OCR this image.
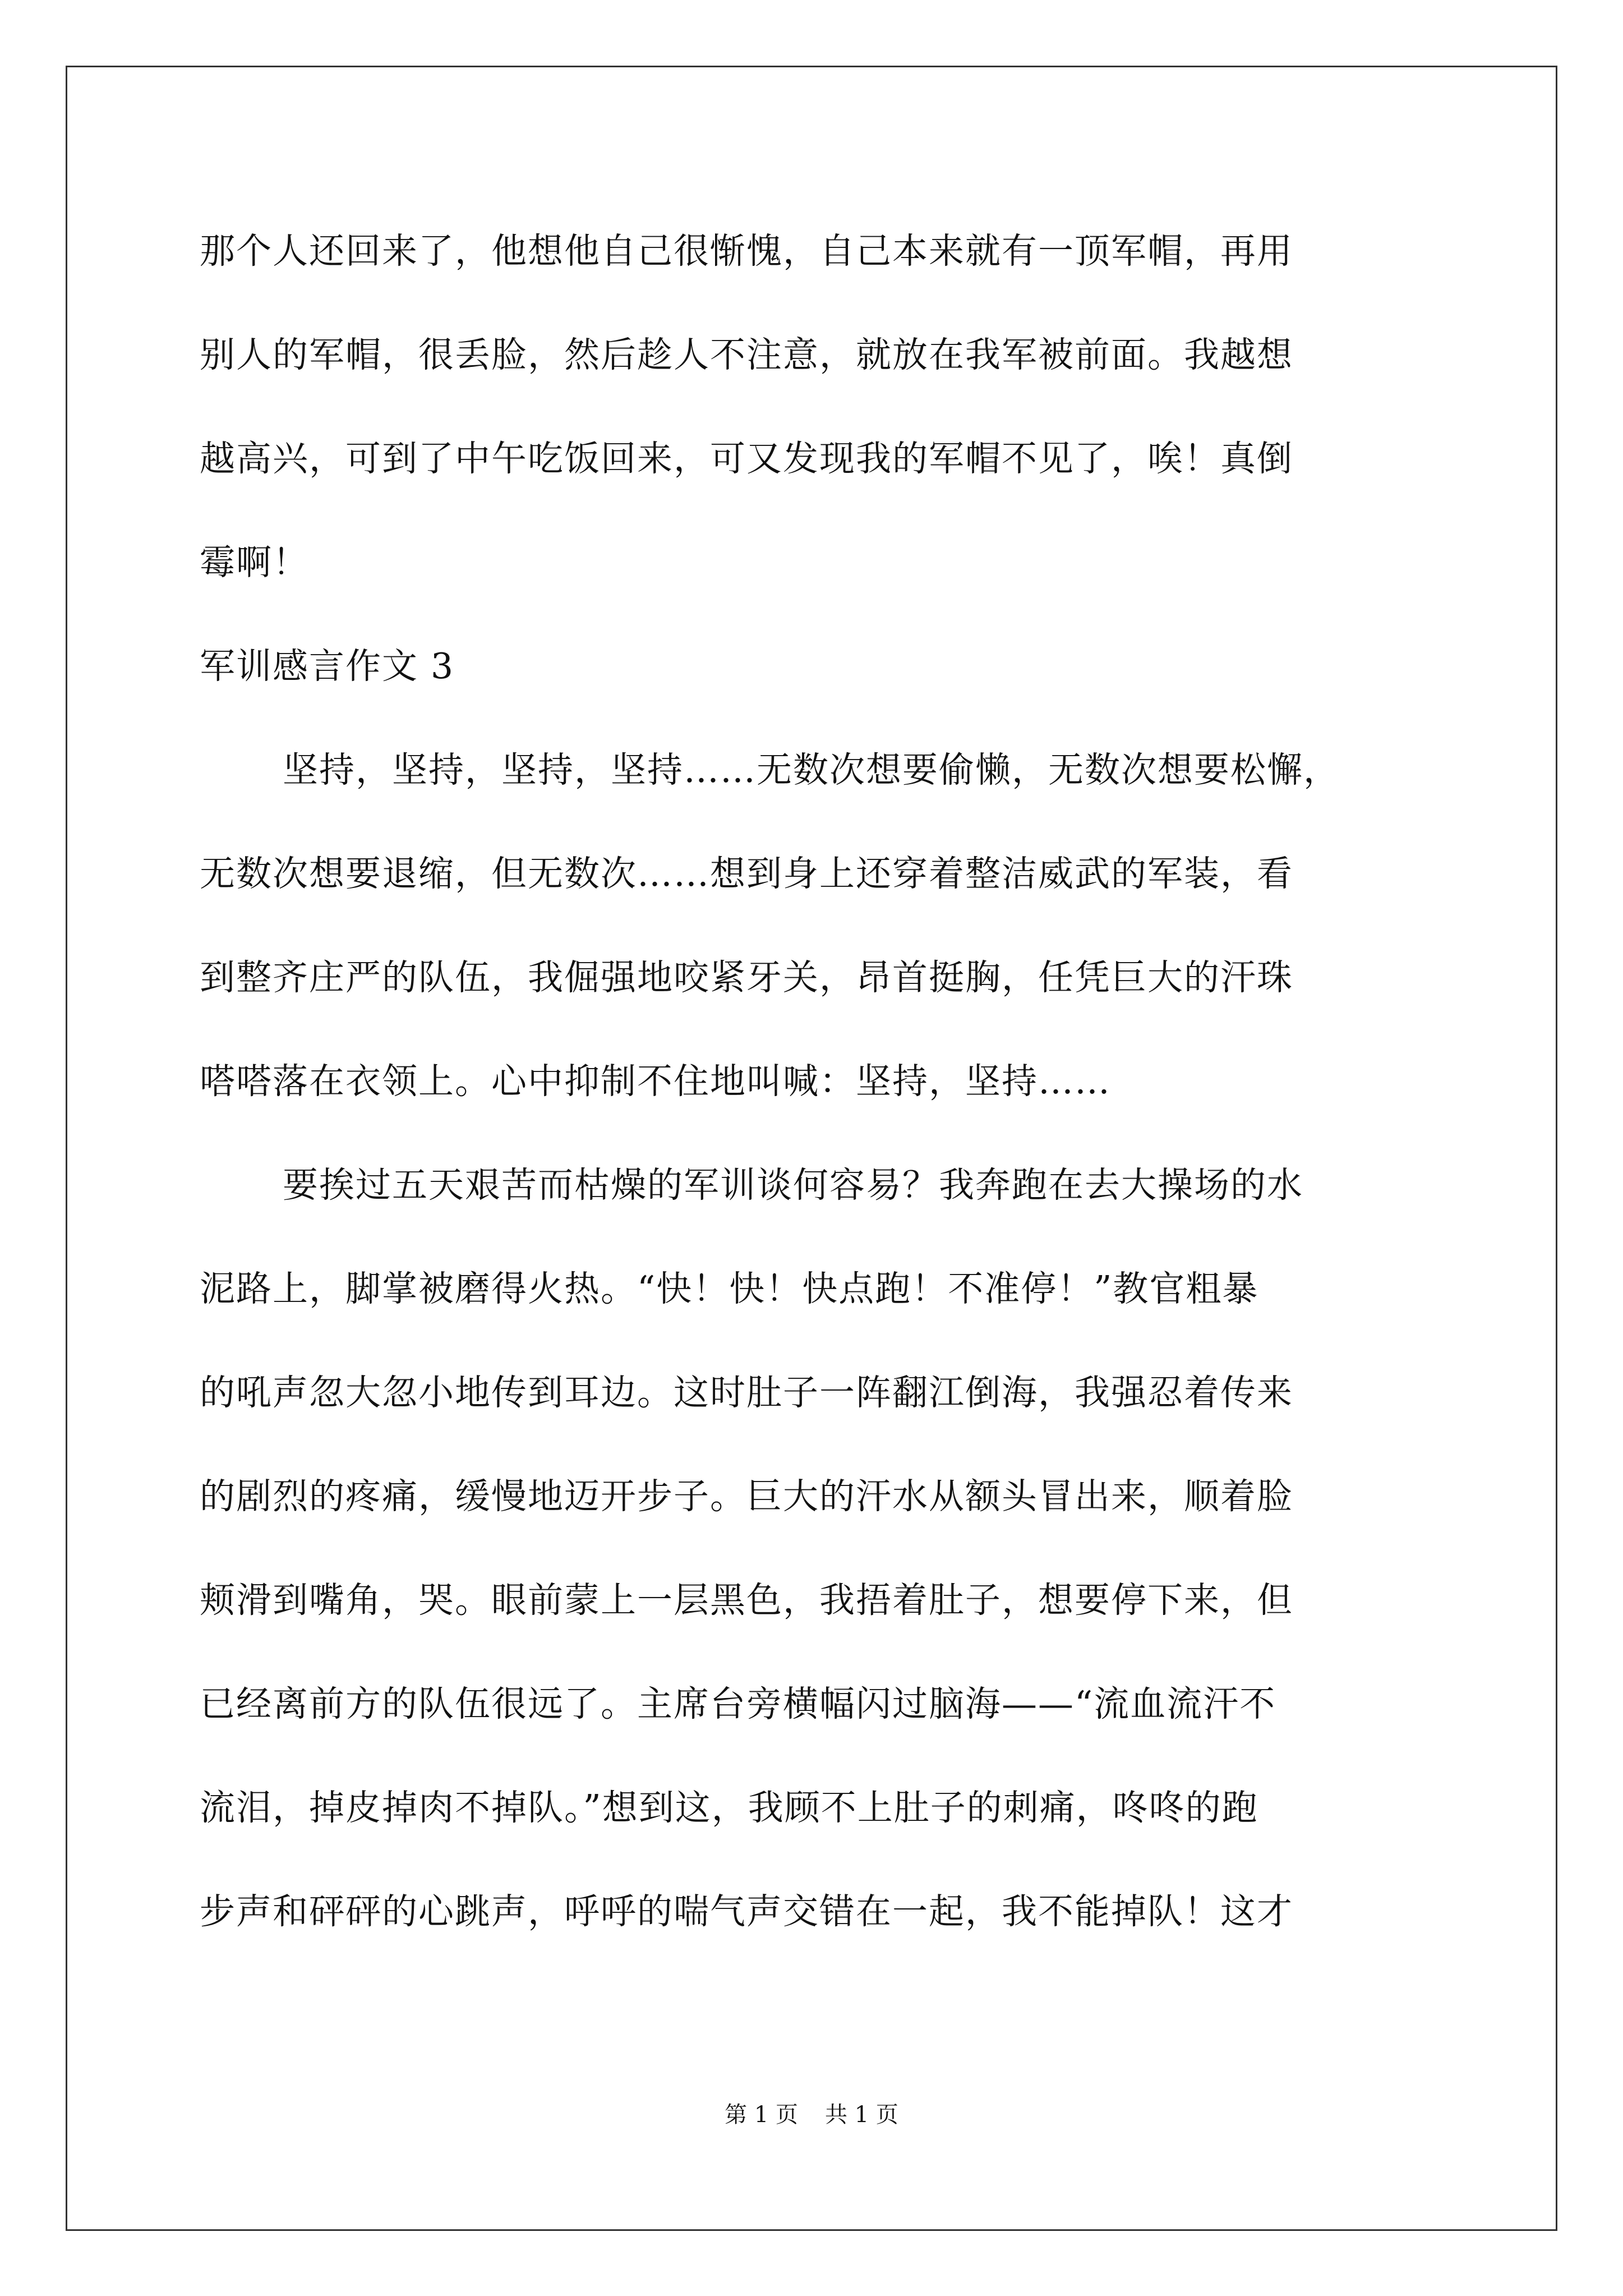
那个人还回来了，他想他自己很惭愧，自己本来就有一顶军帽，再用
别人的军帽，很丢脸，然后趁人不注意，就放在我军被前面。我越想
越高兴，可到了中午吃饭回来，可又发现我的军帽不见了，唉！真倒
霉啊！
军训感言作文 3
坚持，坚持，坚持，坚持……无数次想要偷懒，无数次想要松懈，
无数次想要退缩，但无数次……想到身上还穿着整洁威武的军装，看
到整齐庄严的队伍，我倔强地咬紧牙关，昂首挺胸，任凭巨大的汗珠
嗒嗒落在衣领上。心中抑制不住地叫喊：坚持，坚持……
要挨过五天艰苦而枯燥的军训谈何容易？我奔跑在去大操场的水
泥路上，脚掌被磨得火热。“快！快！快点跑！不准停！”教官粗暴
的吼声忽大忽小地传到耳边。这时肚子一阵翻江倒海，我强忍着传来
的剧烈的疼痛，缓慢地迈开步子。巨大的汗水从额头冒出来，顺着脸
颊滑到嘴角，哭。眼前蒙上一层黑色，我捂着肚子，想要停下来，但
已经离前方的队伍很远了。主席台旁横幅闪过脑海——“流血流汗不
流泪，掉皮掉肉不掉队。”想到这，我顾不上肚子的刺痛，咚咚的跑
步声和砰砰的心跳声，呼呼的喘气声交错在一起，我不能掉队！这才
第 1 页 共 1 页
